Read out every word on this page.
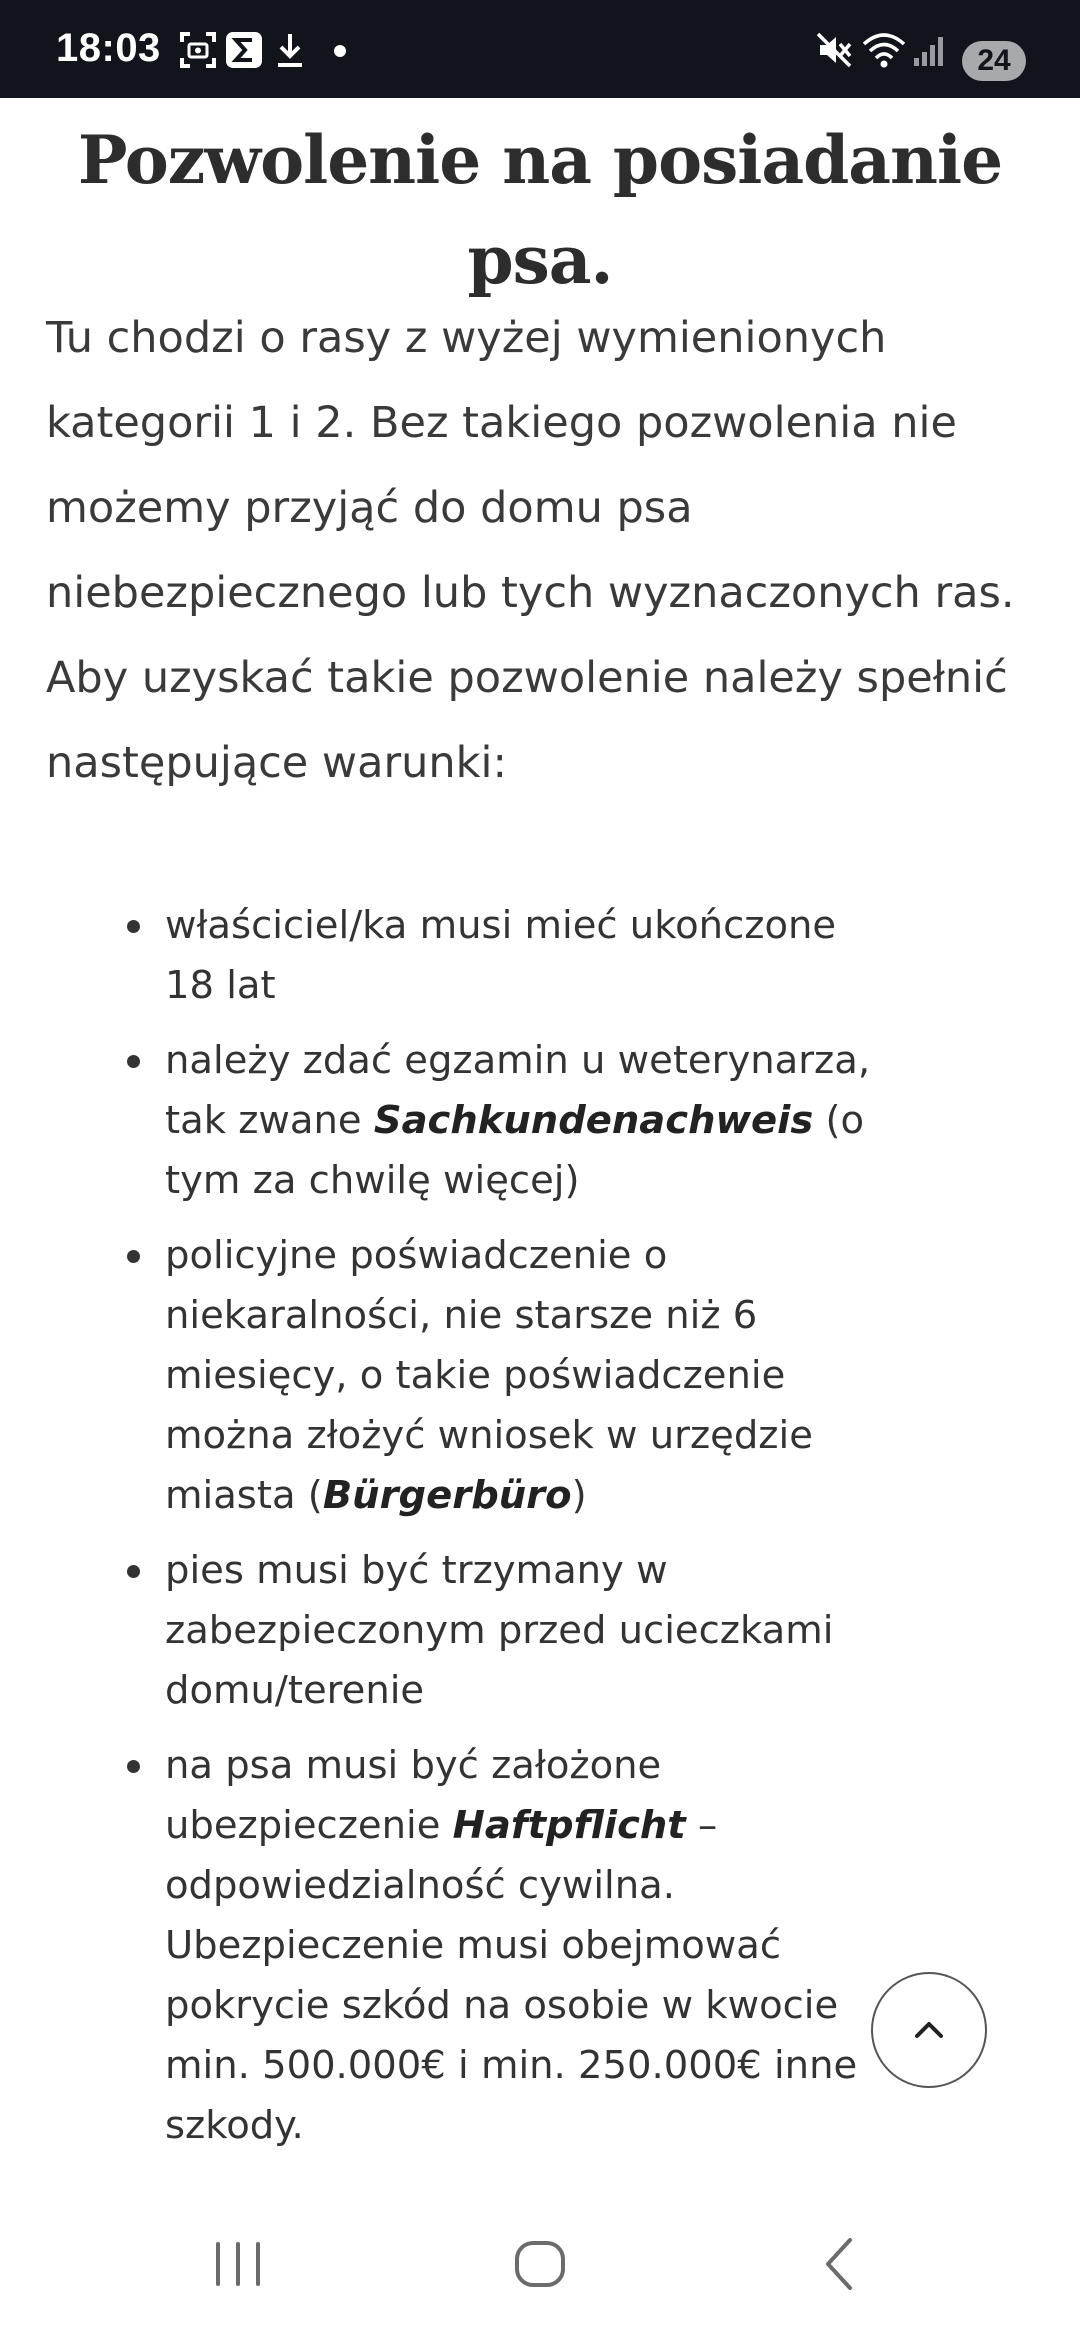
18:03	24
Pozwolenie na posiadanie psa.

Tu chodzi o rasy z wyżej wymienionych kategorii 1 i 2. Bez takiego pozwolenia nie możemy przyjąć do domu psa niebezpiecznego lub tych wyznaczonych ras. Aby uzyskać takie pozwolenie należy spełnić następujące warunki:

właściciel/ka musi mieć ukończone 18 lat
należy zdać egzamin u weterynarza, tak zwane Sachkundenachweis (o tym za chwilę więcej)
policyjne poświadczenie o niekaralności, nie starsze niż 6 miesięcy, o takie poświadczenie można złożyć wniosek w urzędzie miasta (Bürgerbüro)
pies musi być trzymany w zabezpieczonym przed ucieczkami domu/terenie
na psa musi być założone ubezpieczenie Haftpflicht – odpowiedzialność cywilna. Ubezpieczenie musi obejmować pokrycie szkód na osobie w kwocie min. 500.000€ i min. 250.000€ inne szkody.
